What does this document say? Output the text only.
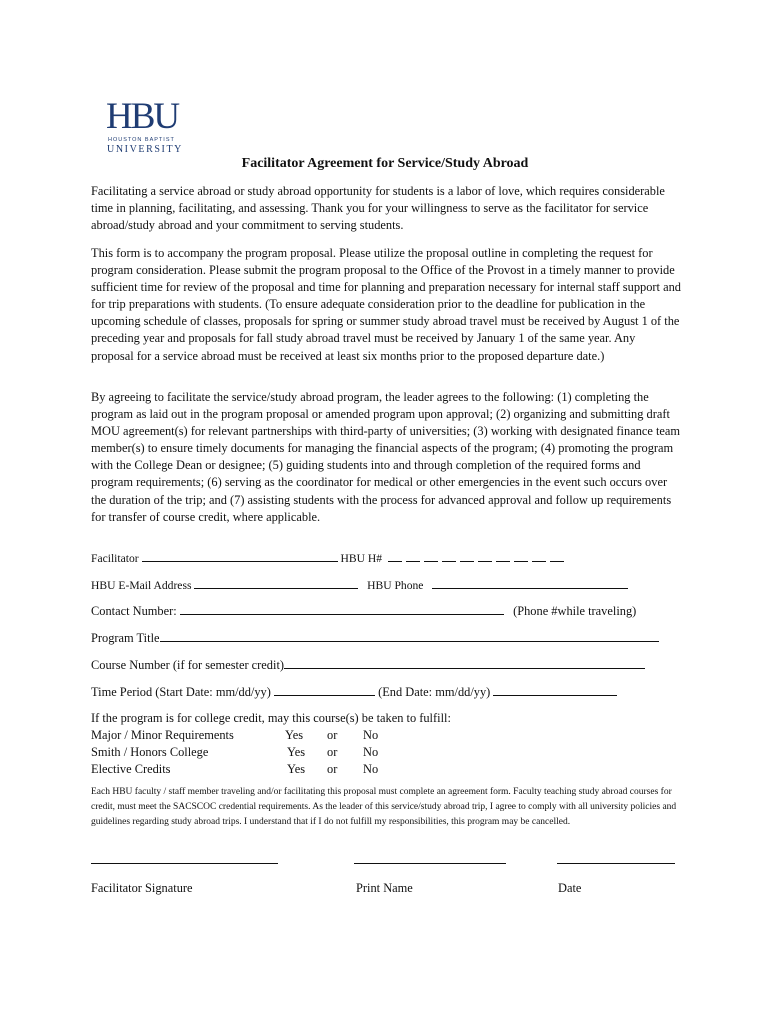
HBU
HOUSTON BAPTIST
UNIVERSITY
Facilitator Agreement for Service/Study Abroad
Facilitating a service abroad or study abroad opportunity for students is a labor of love, which requires considerable time in planning, facilitating, and assessing. Thank you for your willingness to serve as the facilitator for service abroad/study abroad and your commitment to serving students.
This form is to accompany the program proposal. Please utilize the proposal outline in completing the request for program consideration. Please submit the program proposal to the Office of the Provost in a timely manner to provide sufficient time for review of the proposal and time for planning and preparation necessary for internal staff support and for trip preparations with students. (To ensure adequate consideration prior to the deadline for publication in the upcoming schedule of classes, proposals for spring or summer study abroad travel must be received by August 1 of the preceding year and proposals for fall study abroad travel must be received by January 1 of the same year. Any proposal for a service abroad must be received at least six months prior to the proposed departure date.)
By agreeing to facilitate the service/study abroad program, the leader agrees to the following: (1) completing the program as laid out in the program proposal or amended program upon approval; (2) organizing and submitting draft MOU agreement(s) for relevant partnerships with third-party of universities; (3) working with designated finance team member(s) to ensure timely documents for managing the financial aspects of the program; (4) promoting the program with the College Dean or designee; (5) guiding students into and through completion of the required forms and program requirements; (6) serving as the coordinator for medical or other emergencies in the event such occurs over the duration of the trip; and (7) assisting students with the process for advanced approval and follow up requirements for transfer of course credit, where applicable.
Facilitator	HBU H#
HBU E-Mail Address	HBU Phone
Contact Number:	(Phone #while traveling)
Program Title
Course Number (if for semester credit)
Time Period (Start Date: mm/dd/yy)	(End Date: mm/dd/yy)
If the program is for college credit, may this course(s) be taken to fulfill:
Major / Minor Requirements	Yes or No
Smith / Honors College	Yes or No
Elective Credits	Yes or No
Each HBU faculty / staff member traveling and/or facilitating this proposal must complete an agreement form. Faculty teaching study abroad courses for credit, must meet the SACSCOC credential requirements. As the leader of this service/study abroad trip, I agree to comply with all university policies and guidelines regarding study abroad trips. I understand that if I do not fulfill my responsibilities, this program may be cancelled.
Facilitator Signature	Print Name	Date
